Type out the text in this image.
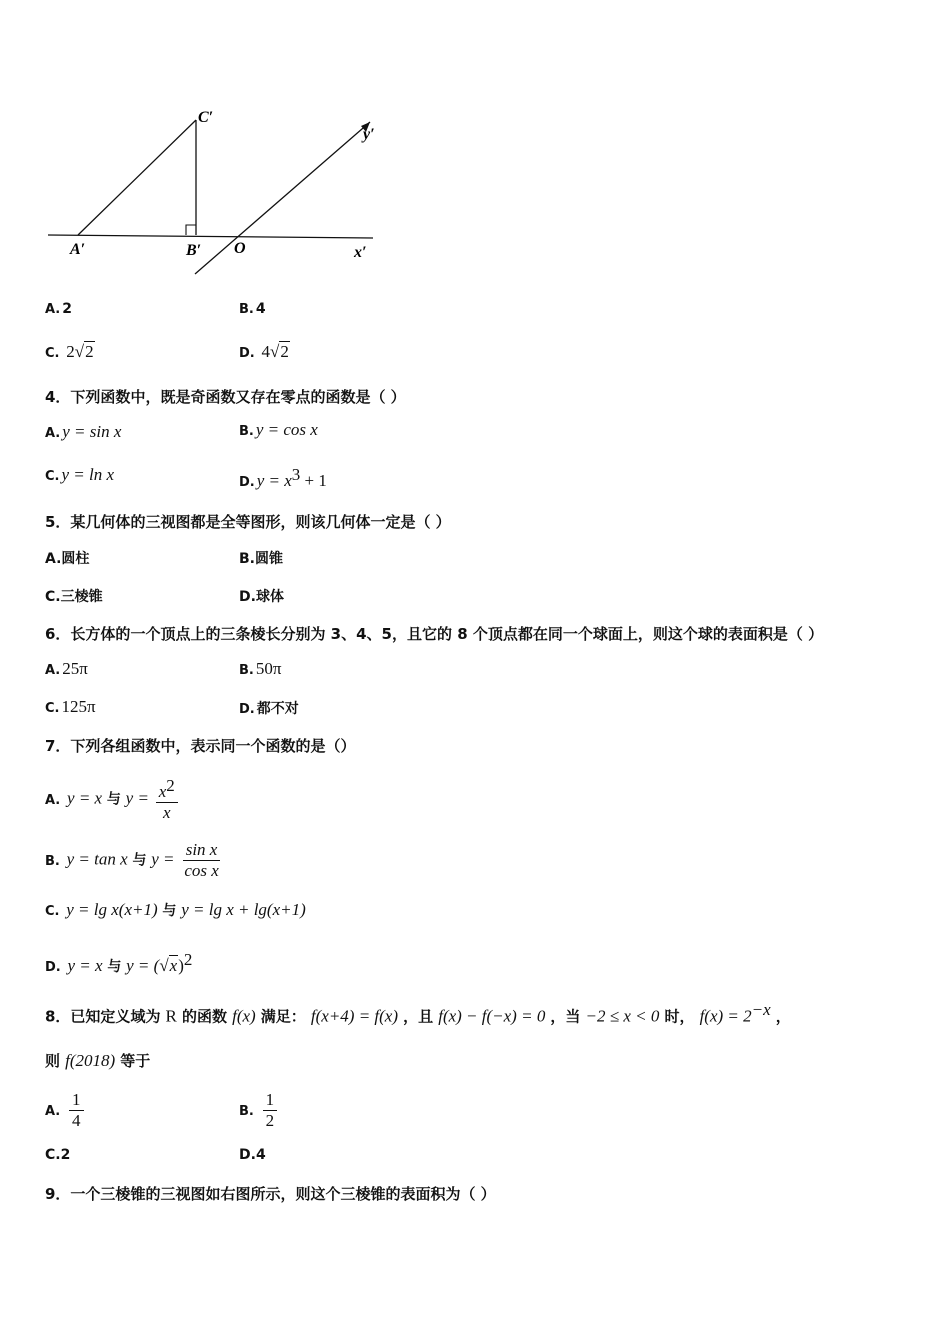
C′
A′	B′ O	x′
y′
A. 2	B. 4
C. 2√2	D. 4√2
4．下列函数中，既是奇函数又存在零点的函数是（ ）
A. y = sin x	B. y = cos x
C. y = ln x	D. $y = x^3 + 1$
5．某几何体的三视图都是全等图形，则该几何体一定是（ ）
A.圆柱	B.圆锥
C.三棱锥	D.球体
6．长方体的一个顶点上的三条棱长分别为 3、4、5，且它的 8 个顶点都在同一个球面上，则这个球的表面积是（ ）
A. 25π	B. 50π
C. 125π	D. 都不对
7．下列各组函数中，表示同一个函数的是（）
A. y = x 与 $y = \frac{x^2}{x}$
B. y = tan x 与 $y = \frac{\text{sin x}}{\text{cos x}}$
C. y = lg x(x+1) 与 y = lg x + lg(x+1)
D. y = x 与 $y = (√x)^2$
8．已知定义域为 R 的函数 f(x) 满足： f(x+4) = f(x) ，且 f(x) − f(−x) = 0 ，当 −2 ≤ x < 0 时， $f(x) = 2^{-x}$ ，
则 f(2018) 等于
A. $\frac{1}{4}$	B. $\frac{1}{2}$
C.2	D.4
9．一个三棱锥的三视图如右图所示，则这个三棱锥的表面积为（ ）
